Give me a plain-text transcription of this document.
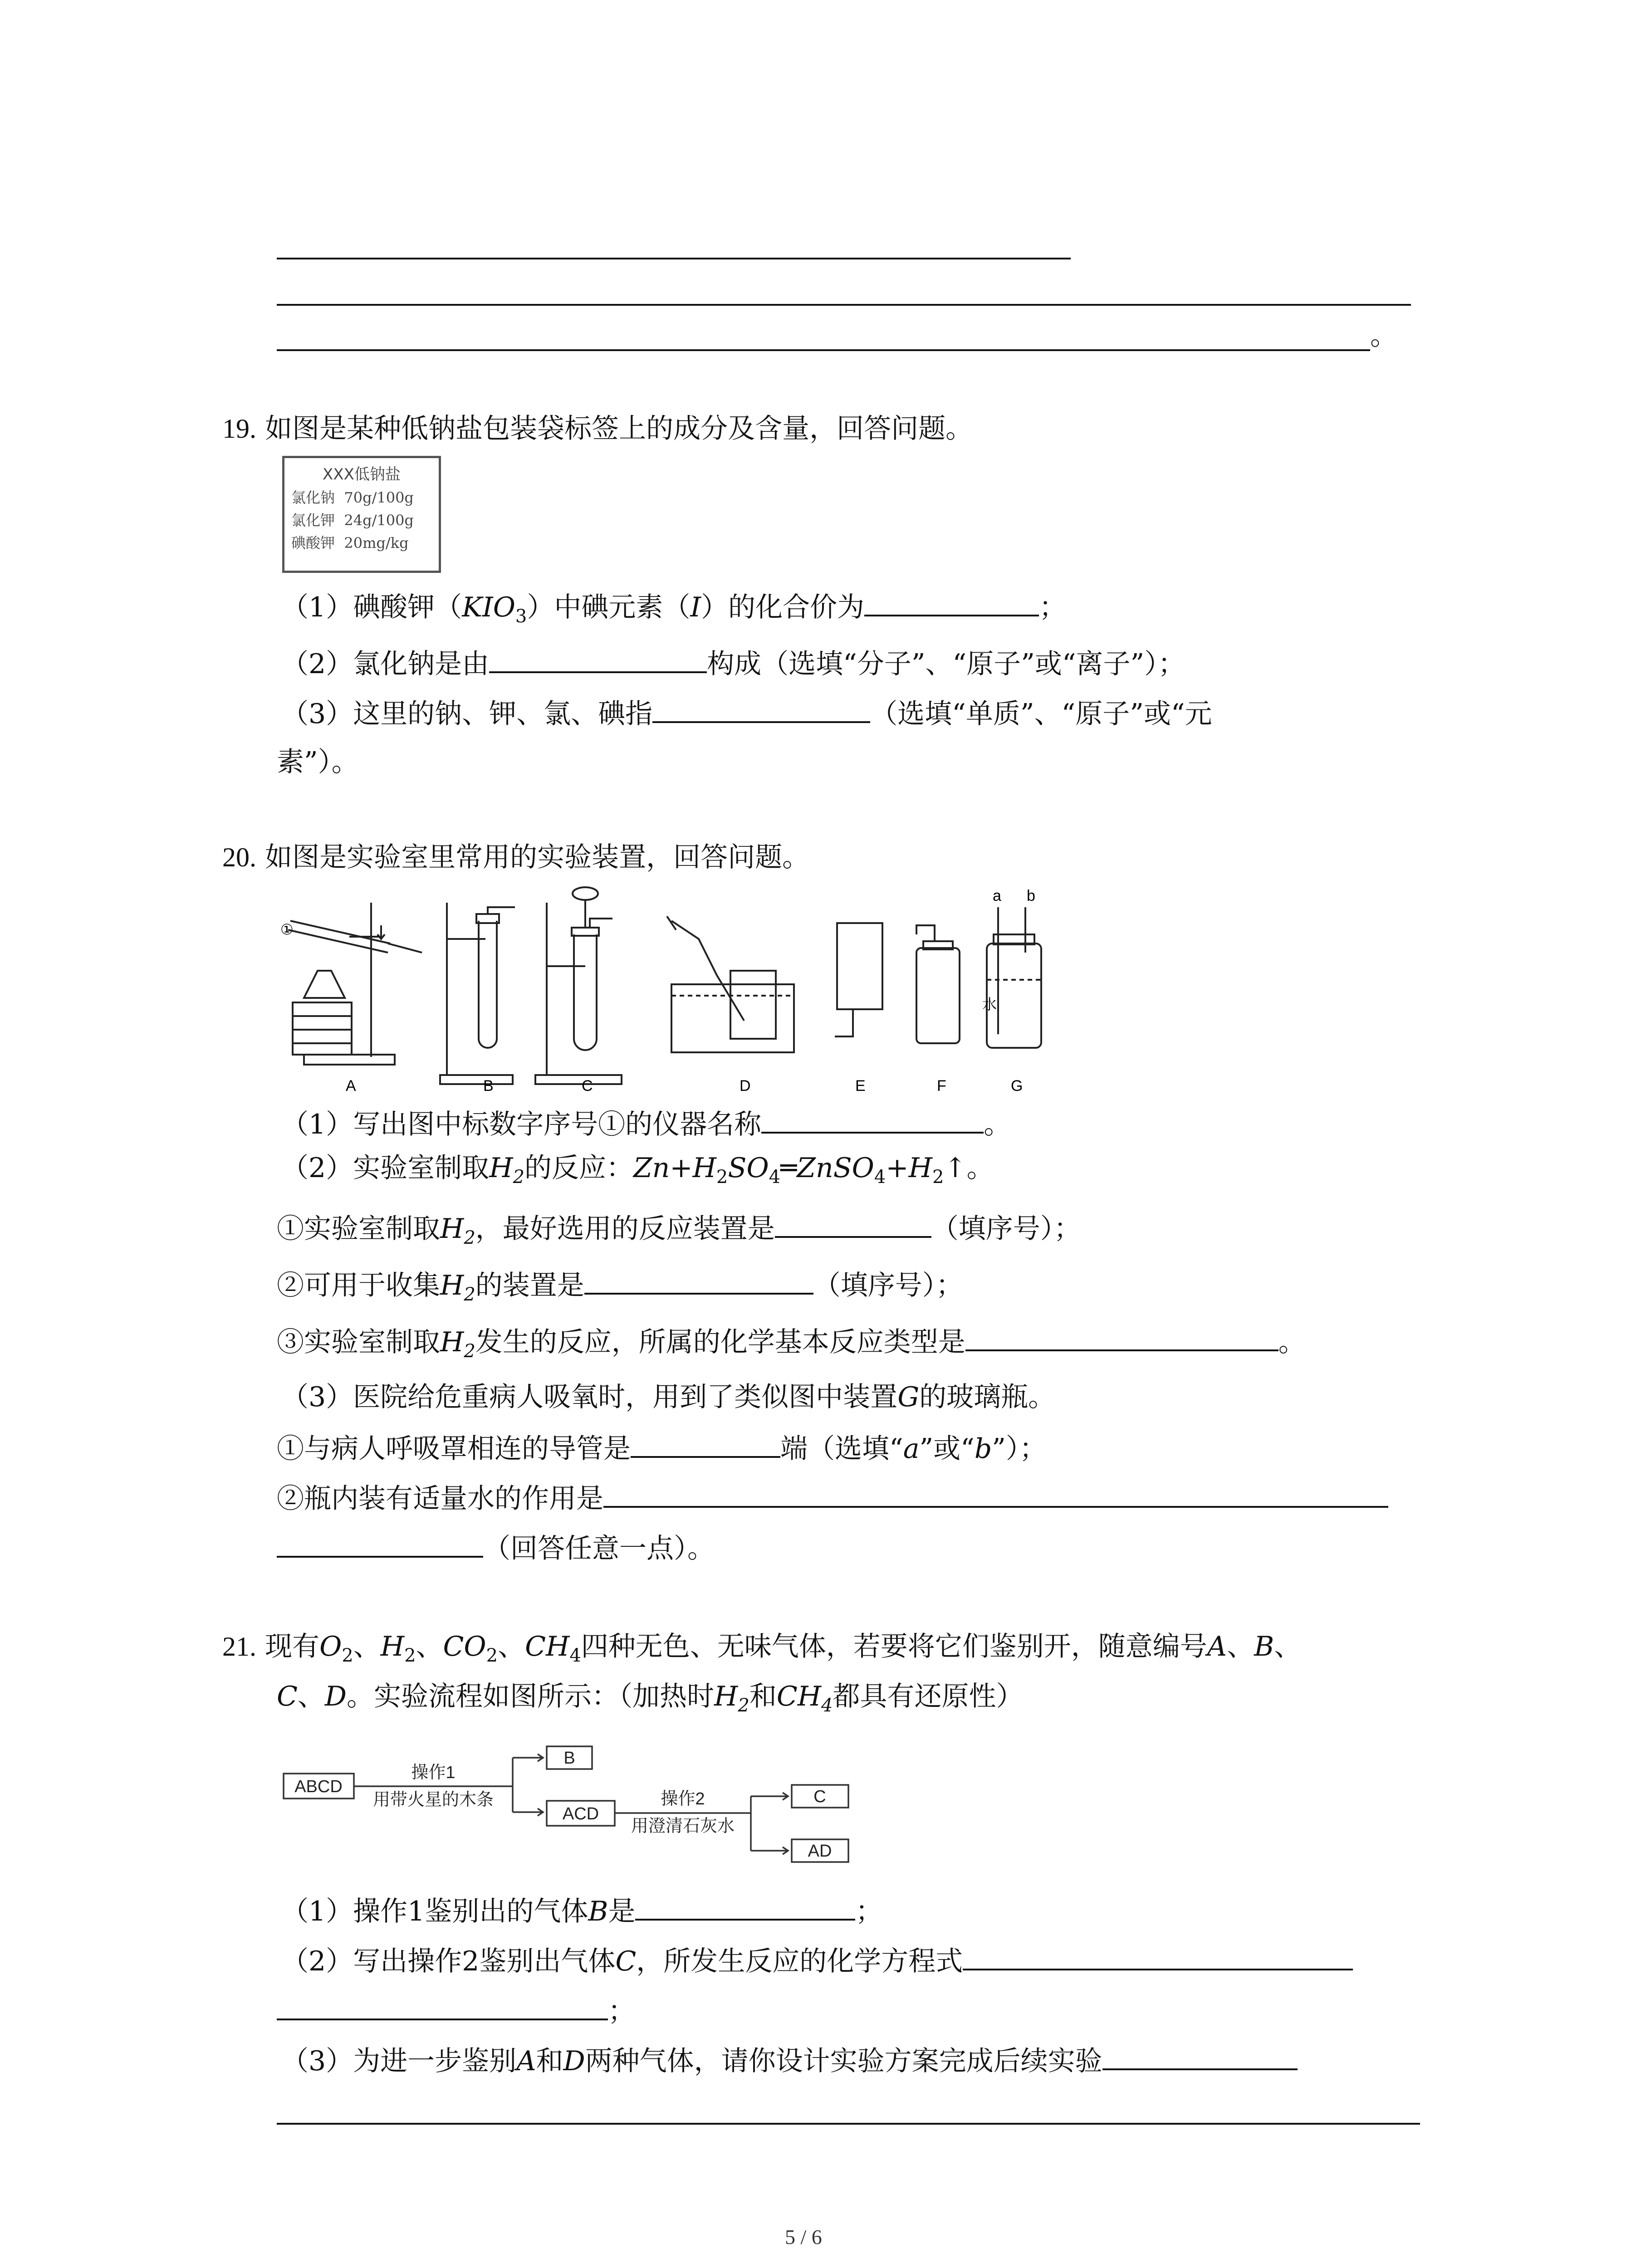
。
19. 如图是某种低钠盐包装袋标签上的成分及含量，回答问题。
XXX低钠盐
氯化钠 70g/100g
氯化钾 24g/100g
碘酸钾 20mg/kg
（1）碘酸钾$(KIO_3)$中碘元素（I）的化合价为	；
（2）氯化钠是由	构成（选填“分子”、“原子”或“离子”）；
（3）这里的钠、钾、氯、碘指	（选填“单质”、“原子”或“元
素”）。
20. 如图是实验室里常用的实验装置，回答问题。
①
a b
水
A	B	C	D	E	F	G
（1）写出图中标数字序号①的仪器名称	。
（2）实验室制取$H_2$的反应：$Zn+H_2SO_4═ZnSO_4+H_2↑$。
①实验室制取$H_2$，最好选用的反应装置是	（填序号）；
②可用于收集$H_2$的装置是	（填序号）；
③实验室制取$H_2$发生的反应，所属的化学基本反应类型是	。
（3）医院给危重病人吸氧时，用到了类似图中装置G的玻璃瓶。
①与病人呼吸罩相连的导管是	端（选填“a”或“b”）；
②瓶内装有适量水的作用是
（回答任意一点）。
21. 现有$O_2$、$H_2$、$CO_2$、$CH_4$四种无色、无味气体，若要将它们鉴别开，随意编号A、B、
C、D。实验流程如图所示：（加热时$H_2$和$CH_4$都具有还原性）
ABCD
操作1
用带火星的木条
B
ACD
操作2
用澄清石灰水
C
AD
（1）操作1鉴别出的气体B是	；
（2）写出操作2鉴别出气体C，所发生反应的化学方程式
；
（3）为进一步鉴别A和D两种气体，请你设计实验方案完成后续实验
5 / 6
